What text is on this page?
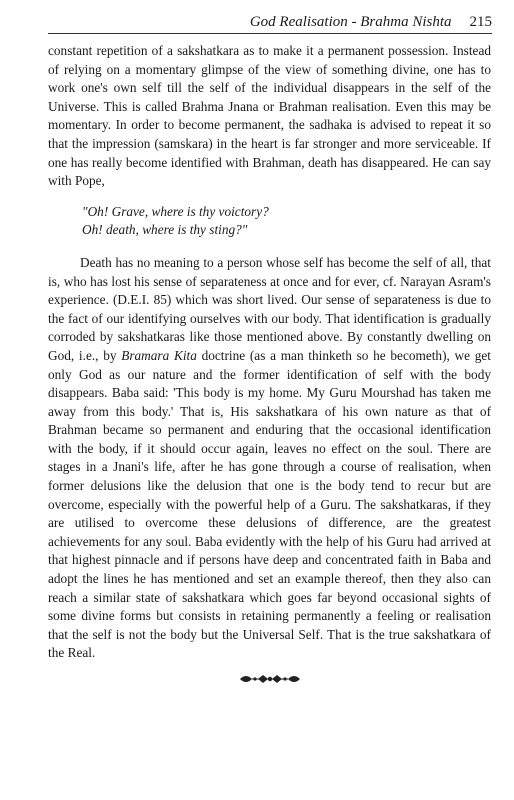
God Realisation - Brahma Nishta 215

constant repetition of a sakshatkara as to make it a permanent possession. Instead of relying on a momentary glimpse of the view of something divine, one has to work one's own self till the self of the individual disappears in the self of the Universe. This is called Brahma Jnana or Brahman realisation. Even this may be momentary. In order to become permanent, the sadhaka is advised to repeat it so that the impression (samskara) in the heart is far stronger and more serviceable. If one has really become identified with Brahman, death has disappeared. He can say with Pope,

"Oh! Grave, where is thy voictory?
Oh! death, where is thy sting?"

Death has no meaning to a person whose self has become the self of all, that is, who has lost his sense of separateness at once and for ever, cf. Narayan Asram's experience. (D.E.I. 85) which was short lived. Our sense of separateness is due to the fact of our identifying ourselves with our body. That identification is gradually corroded by sakshatkaras like those mentioned above. By constantly dwelling on God, i.e., by Bramara Kita doctrine (as a man thinketh so he becometh), we get only God as our nature and the former identification of self with the body disappears. Baba said: 'This body is my home. My Guru Mourshad has taken me away from this body.' That is, His sakshatkara of his own nature as that of Brahman became so permanent and enduring that the occasional identification with the body, if it should occur again, leaves no effect on the soul. There are stages in a Jnani's life, after he has gone through a course of realisation, when former delusions like the delusion that one is the body tend to recur but are overcome, especially with the powerful help of a Guru. The sakshatkaras, if they are utilised to overcome these delusions of difference, are the greatest achievements for any soul. Baba evidently with the help of his Guru had arrived at that highest pinnacle and if persons have deep and concentrated faith in Baba and adopt the lines he has mentioned and set an example thereof, then they also can reach a similar state of sakshatkara which goes far beyond occasional sights of some divine forms but consists in retaining permanently a feeling or realisation that the self is not the body but the Universal Self. That is the true sakshatkara of the Real.
